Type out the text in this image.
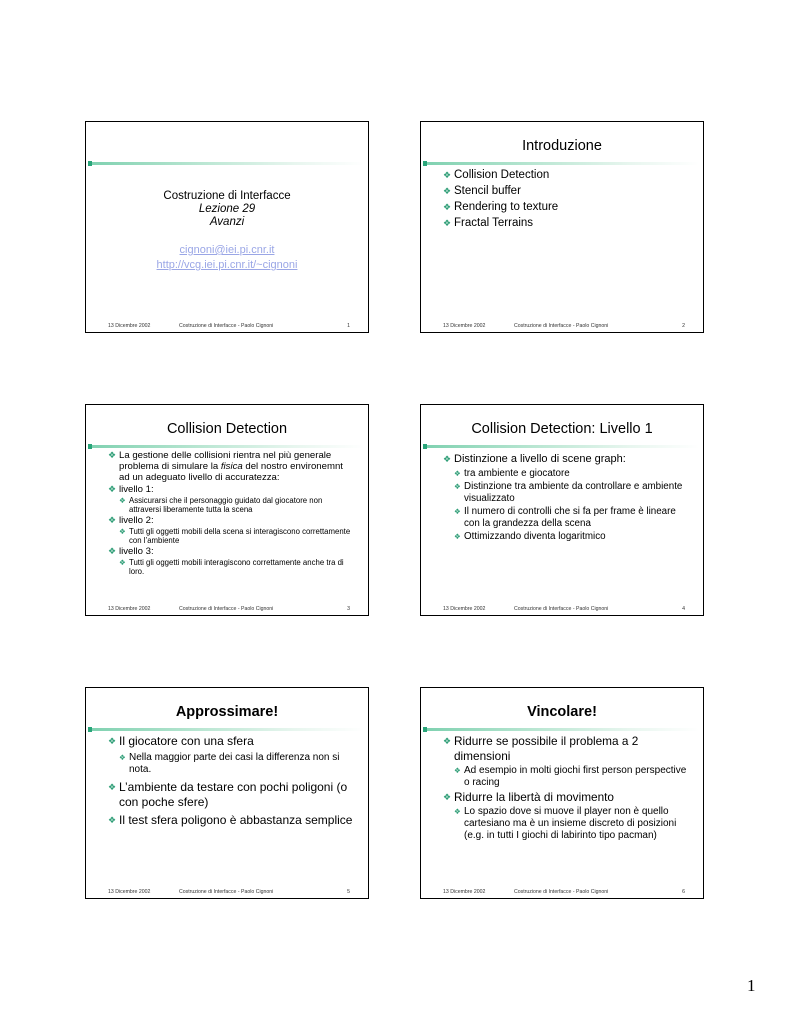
Costruzione di Interfacce
Lezione 29
Avanzi
cignoni@iei.pi.cnr.it
http://vcg.iei.pi.cnr.it/~cignoni
13 Dicembre 2002	Costruzione di Interfacce - Paolo Cignoni	1
Introduzione
❖ Collision Detection
❖ Stencil buffer
❖ Rendering to texture
❖ Fractal Terrains
13 Dicembre 2002	Costruzione di Interfacce - Paolo Cignoni	2
Collision Detection
❖ La gestione delle collisioni rientra nel più generale problema di simulare la fisica del nostro environemnt ad un adeguato livello di accuratezza:
❖ livello 1:
❖ Assicurarsi che il personaggio guidato dal giocatore non attraversi liberamente tutta la scena
❖ livello 2:
❖ Tutti gli oggetti mobili della scena si interagiscono correttamente con l’ambiente
❖ livello 3:
❖ Tutti gli oggetti mobili interagiscono correttamente anche tra di loro.
13 Dicembre 2002	Costruzione di Interfacce - Paolo Cignoni	3
Collision Detection: Livello 1
❖ Distinzione a livello di scene graph:
❖ tra ambiente e giocatore
❖ Distinzione tra ambiente da controllare e ambiente visualizzato
❖ Il numero di controlli che si fa per frame è lineare con la grandezza della scena
❖ Ottimizzando diventa logaritmico
13 Dicembre 2002	Costruzione di Interfacce - Paolo Cignoni	4
Approssimare!
❖ Il giocatore con una sfera
❖ Nella maggior parte dei casi la differenza non si nota.
❖ L’ambiente da testare con pochi poligoni (o con poche sfere)
❖ Il test sfera poligono è abbastanza semplice
13 Dicembre 2002	Costruzione di Interfacce - Paolo Cignoni	5
Vincolare!
❖ Ridurre se possibile il problema a 2 dimensioni
❖ Ad esempio in molti giochi first person perspective o racing
❖ Ridurre la libertà di movimento
❖ Lo spazio dove si muove il player non è quello cartesiano ma è un insieme discreto di posizioni (e.g. in tutti I giochi di labirinto tipo pacman)
13 Dicembre 2002	Costruzione di Interfacce - Paolo Cignoni	6
1
